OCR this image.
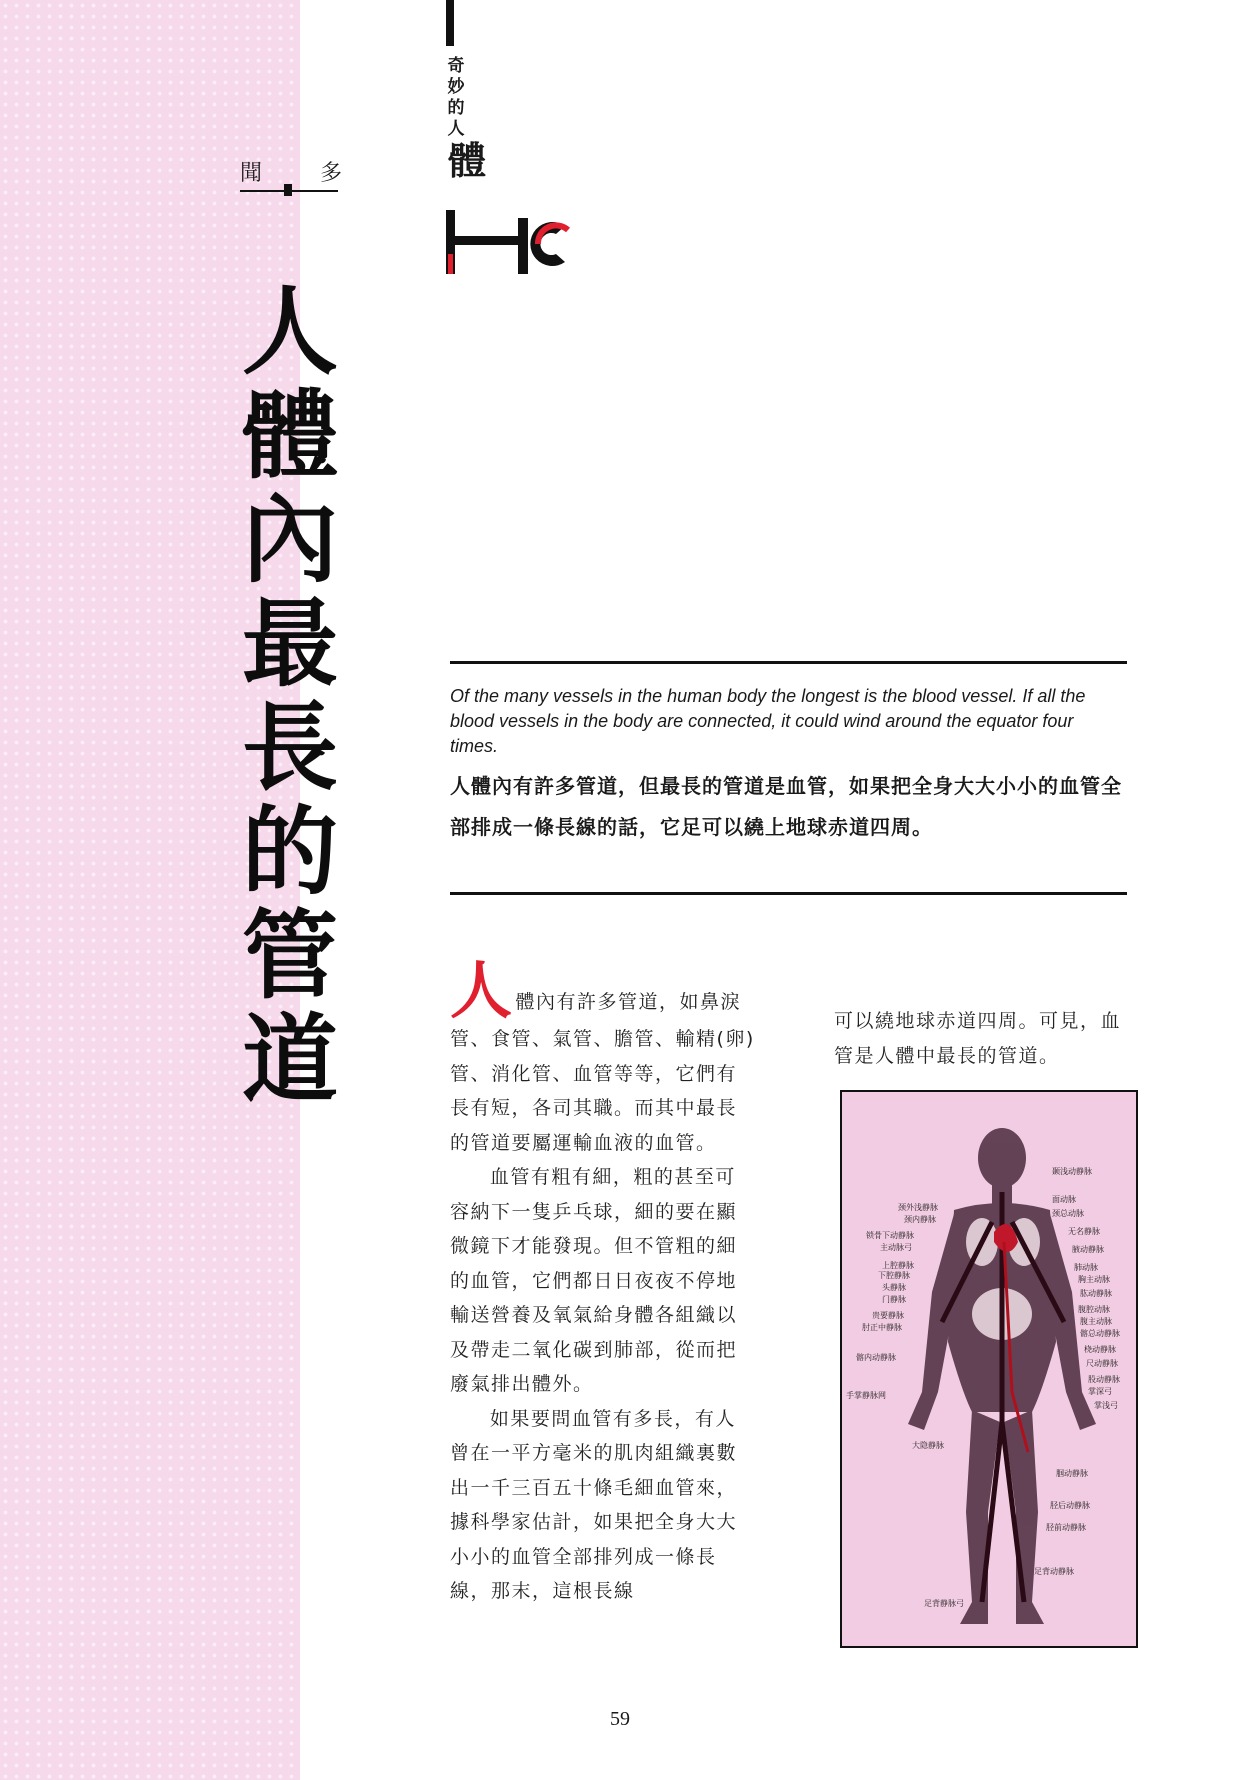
聞	多
人
體
內
最
長
的
管
道
奇
妙
的
人
體
Of the many vessels in the human body the longest is the blood vessel. If all the blood vessels in the body are connected, it could wind around the equator four times.
人體內有許多管道，但最長的管道是血管，如果把全身大大小小的血管全部排成一條長線的話，它足可以繞上地球赤道四周。
人體內有許多管道，如鼻淚管、食管、氣管、膽管、輸精(卵)管、消化管、血管等等，它們有長有短，各司其職。而其中最長的管道要屬運輸血液的血管。
血管有粗有細，粗的甚至可容納下一隻乒乓球，細的要在顯微鏡下才能發現。但不管粗的細的血管，它們都日日夜夜不停地輸送營養及氧氣給身體各組織以及帶走二氧化碳到肺部，從而把廢氣排出體外。
如果要問血管有多長，有人曾在一平方毫米的肌肉組織裏數出一千三百五十條毛細血管來，據科學家估計，如果把全身大大小小的血管全部排列成一條長線，那末，這根長線
可以繞地球赤道四周。可見，血管是人體中最長的管道。
颈外浅静脉
颈内静脉
锁骨下动静脉
主动脉弓
上腔静脉
下腔静脉
头静脉
门静脉
贵要静脉
肘正中静脉
髂内动静脉
手掌静脉网
大隐静脉
足背静脉弓
颞浅动静脉
面动脉
颈总动脉
无名静脉
腋动静脉
肺动脉
胸主动脉
肱动静脉
腹腔动脉
腹主动脉
髂总动静脉
桡动静脉
尺动静脉
股动静脉
掌深弓
掌浅弓
腘动静脉
胫后动静脉
胫前动静脉
足背动静脉
59
